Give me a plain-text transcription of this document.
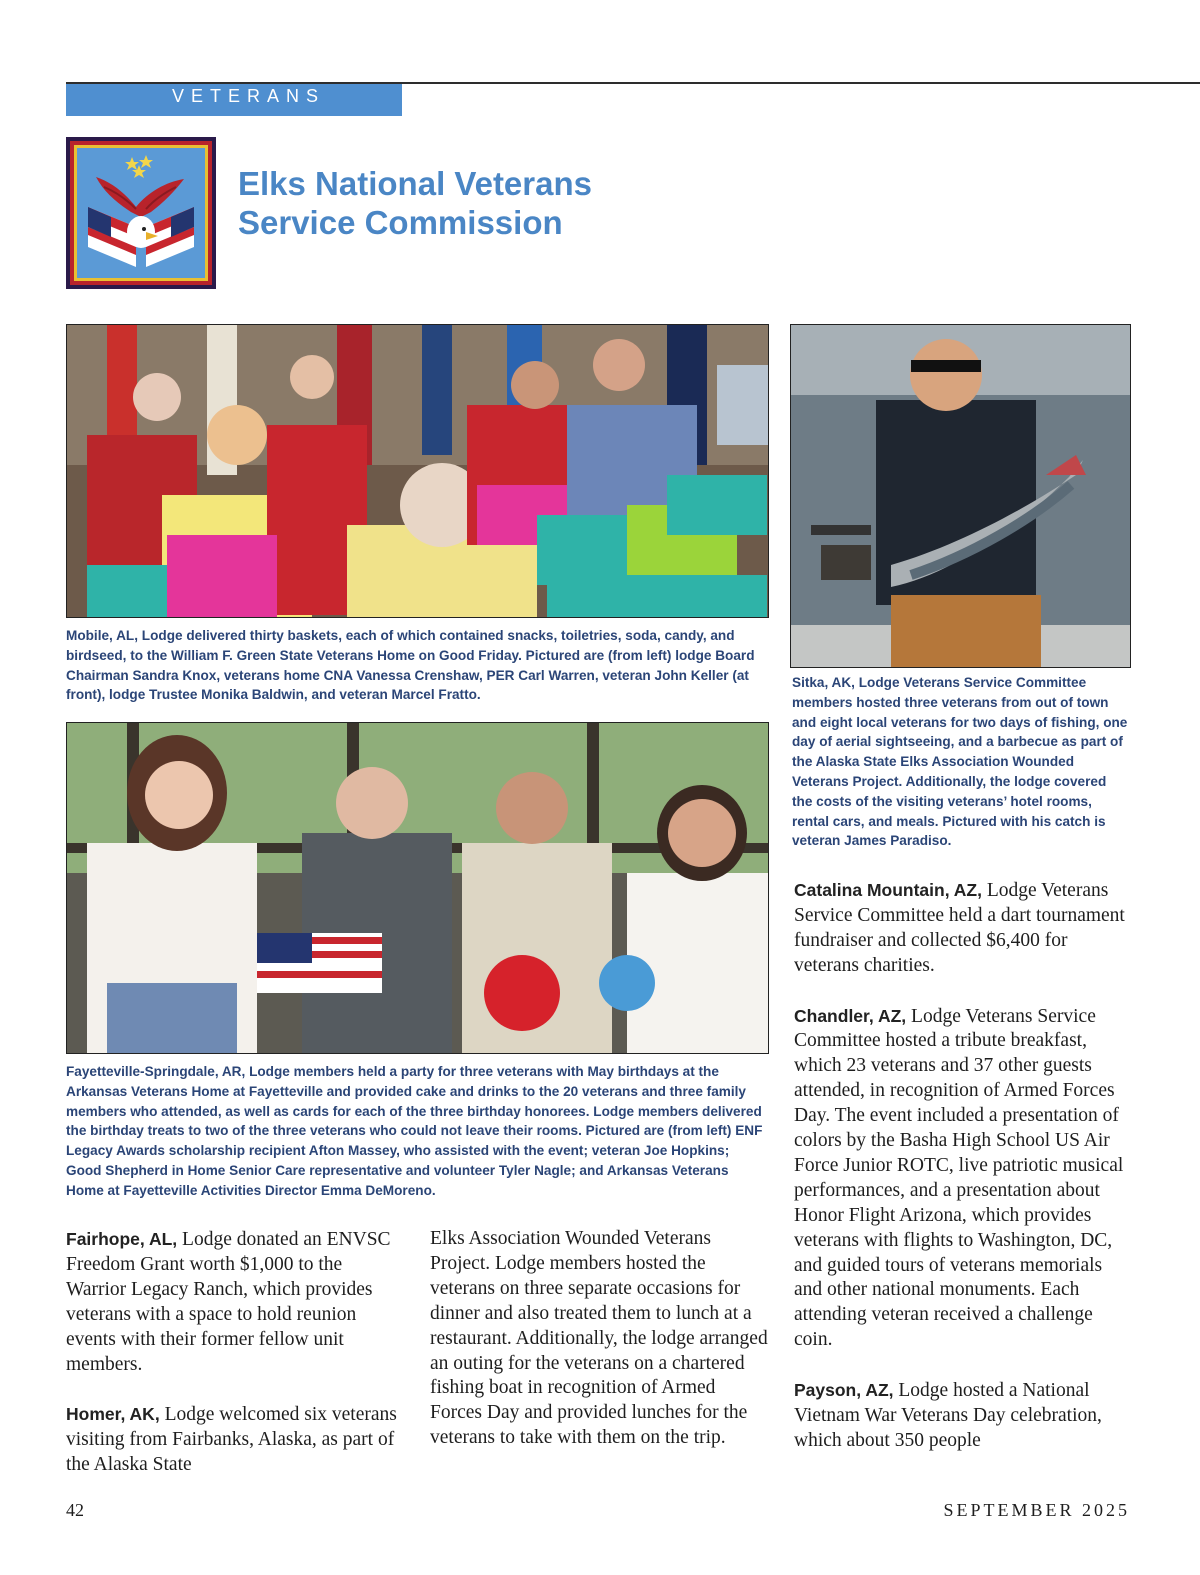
VETERANS
Elks National Veterans
Service Commission
Mobile, AL, Lodge delivered thirty baskets, each of which contained snacks, toiletries, soda, candy, and birdseed, to the William F. Green State Veterans Home on Good Friday. Pictured are (from left) lodge Board Chairman Sandra Knox, veterans home CNA Vanessa Crenshaw, PER Carl Warren, veteran John Keller (at front), lodge Trustee Monika Baldwin, and veteran Marcel Fratto.
Sitka, AK, Lodge Veterans Service Committee members hosted three veterans from out of town and eight local veterans for two days of fishing, one day of aerial sightseeing, and a barbecue as part of the Alaska State Elks Association Wounded Veterans Project. Additionally, the lodge covered the costs of the visiting veterans’ hotel rooms, rental cars, and meals. Pictured with his catch is veteran James Paradiso.
Fayetteville-Springdale, AR, Lodge members held a party for three veterans with May birthdays at the Arkansas Veterans Home at Fayetteville and provided cake and drinks to the 20 veterans and three family members who attended, as well as cards for each of the three birthday honorees. Lodge members delivered the birthday treats to two of the three veterans who could not leave their rooms. Pictured are (from left) ENF Legacy Awards scholarship recipient Afton Massey, who assisted with the event; veteran Joe Hopkins; Good Shepherd in Home Senior Care representative and volunteer Tyler Nagle; and Arkansas Veterans Home at Fayetteville Activities Director Emma DeMoreno.

Fairhope, AL, Lodge donated an ENVSC Freedom Grant worth $1,000 to the Warrior Legacy Ranch, which provides veterans with a space to hold reunion events with their former fellow unit members.

Homer, AK, Lodge welcomed six veterans visiting from Fairbanks, Alaska, as part of the Alaska State

Elks Association Wounded Veterans Project. Lodge members hosted the veterans on three separate occasions for dinner and also treated them to lunch at a restaurant. Additionally, the lodge arranged an outing for the veterans on a chartered fishing boat in recognition of Armed Forces Day and provided lunches for the veterans to take with them on the trip.

Catalina Mountain, AZ, Lodge Veterans Service Committee held a dart tournament fundraiser and collected $6,400 for veterans charities.

Chandler, AZ, Lodge Veterans Service Committee hosted a tribute breakfast, which 23 veterans and 37 other guests attended, in recognition of Armed Forces Day. The event included a presentation of colors by the Basha High School US Air Force Junior ROTC, live patriotic musical performances, and a presentation about Honor Flight Arizona, which provides veterans with flights to Washington, DC, and guided tours of veterans memorials and other national monuments. Each attending veteran received a challenge coin.

Payson, AZ, Lodge hosted a National Vietnam War Veterans Day celebration, which about 350 people

42	SEPTEMBER 2025
